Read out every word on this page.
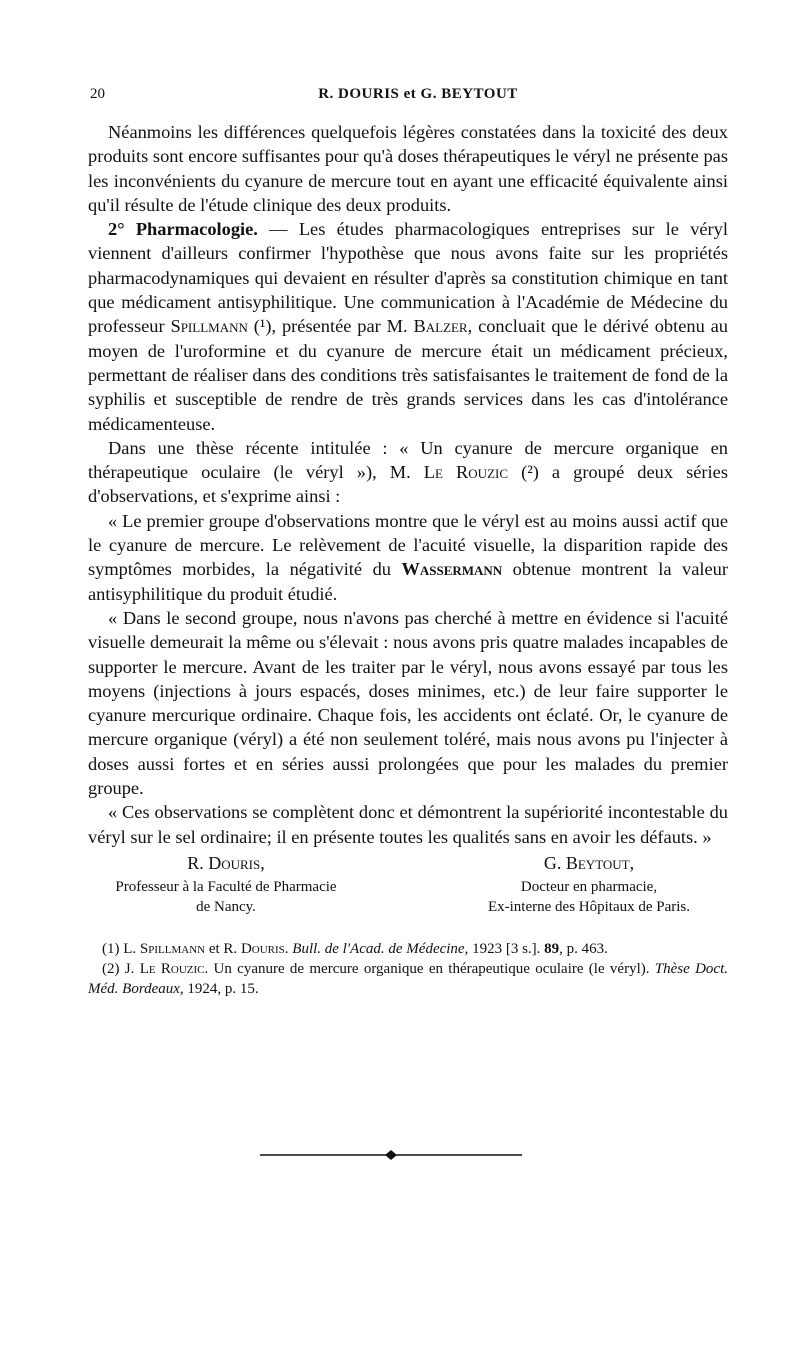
20	R. DOURIS et G. BEYTOUT

Néanmoins les différences quelquefois légères constatées dans la toxicité des deux produits sont encore suffisantes pour qu'à doses thérapeutiques le véryl ne présente pas les inconvénients du cyanure de mercure tout en ayant une efficacité équivalente ainsi qu'il résulte de l'étude clinique des deux produits.

2° Pharmacologie. — Les études pharmacologiques entreprises sur le véryl viennent d'ailleurs confirmer l'hypothèse que nous avons faite sur les propriétés pharmacodynamiques qui devaient en résulter d'après sa constitution chimique en tant que médicament antisyphilitique. Une communication à l'Académie de Médecine du professeur Spillmann (¹), présentée par M. Balzer, concluait que le dérivé obtenu au moyen de l'uroformine et du cyanure de mercure était un médicament précieux, permettant de réaliser dans des conditions très satisfaisantes le traitement de fond de la syphilis et susceptible de rendre de très grands services dans les cas d'intolérance médicamenteuse.

Dans une thèse récente intitulée : « Un cyanure de mercure organique en thérapeutique oculaire (le véryl »), M. Le Rouzic (²) a groupé deux séries d'observations, et s'exprime ainsi :

« Le premier groupe d'observations montre que le véryl est au moins aussi actif que le cyanure de mercure. Le relèvement de l'acuité visuelle, la disparition rapide des symptômes morbides, la négativité du Wassermann obtenue montrent la valeur antisyphilitique du produit étudié.

« Dans le second groupe, nous n'avons pas cherché à mettre en évidence si l'acuité visuelle demeurait la même ou s'élevait : nous avons pris quatre malades incapables de supporter le mercure. Avant de les traiter par le véryl, nous avons essayé par tous les moyens (injections à jours espacés, doses minimes, etc.) de leur faire supporter le cyanure mercurique ordinaire. Chaque fois, les accidents ont éclaté. Or, le cyanure de mercure organique (véryl) a été non seulement toléré, mais nous avons pu l'injecter à doses aussi fortes et en séries aussi prolongées que pour les malades du premier groupe.

« Ces observations se complètent donc et démontrent la supériorité incontestable du véryl sur le sel ordinaire; il en présente toutes les qualités sans en avoir les défauts. »

R. Douris,
Professeur à la Faculté de Pharmacie
de Nancy.
G. Beytout,
Docteur en pharmacie,
Ex-interne des Hôpitaux de Paris.

(1) L. Spillmann et R. Douris. Bull. de l'Acad. de Médecine, 1923 [3 s.]. 89, p. 463.

(2) J. Le Rouzic. Un cyanure de mercure organique en thérapeutique oculaire (le véryl). Thèse Doct. Méd. Bordeaux, 1924, p. 15.
